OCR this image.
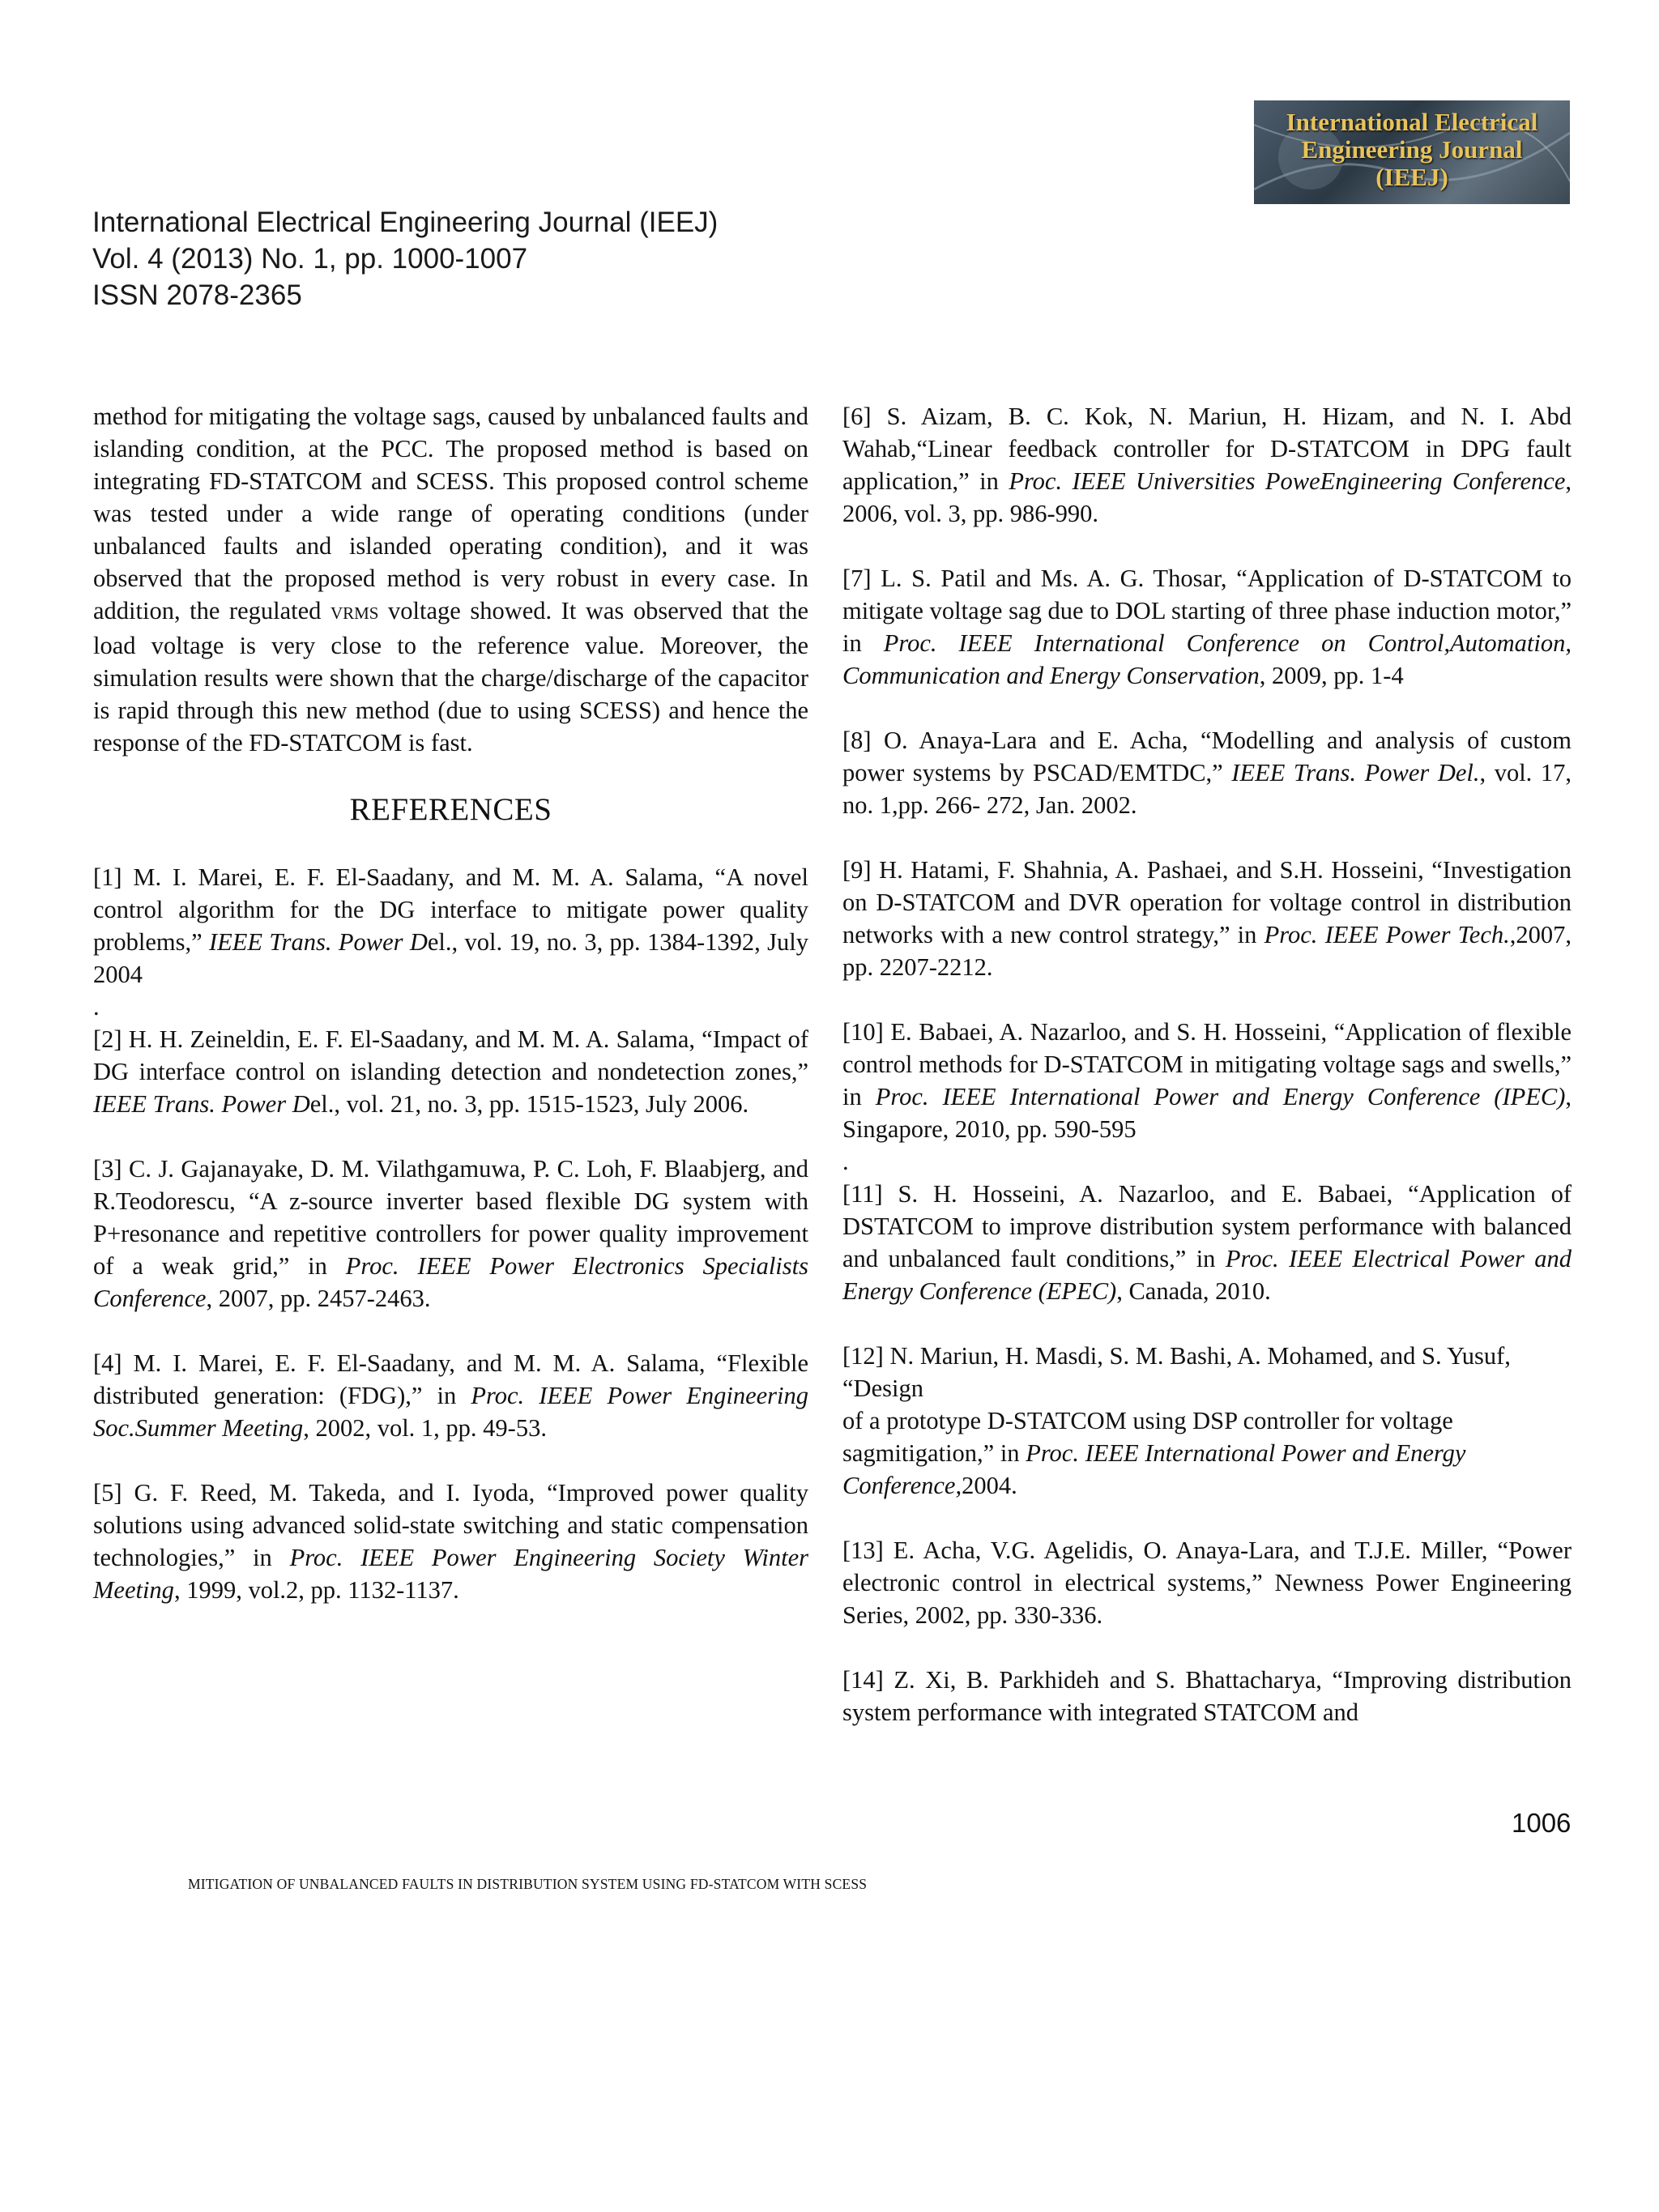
International Electrical Engineering Journal (IEEJ)
Vol. 4 (2013) No. 1, pp. 1000-1007
ISSN 2078-2365
International Electrical
Engineering Journal
(IEEJ)

method for mitigating the voltage sags, caused by unbalanced faults and islanding condition, at the PCC. The proposed method is based on integrating FD-STATCOM and SCESS. This proposed control scheme was tested under a wide range of operating conditions (under unbalanced faults and islanded operating condition), and it was observed that the proposed method is very robust in every case. In addition, the regulated VRMS voltage showed. It was observed that the load voltage is very close to the reference value. Moreover, the simulation results were shown that the charge/discharge of the capacitor is rapid through this new method (due to using SCESS) and hence the response of the FD-STATCOM is fast.

REFERENCES

[1] M. I. Marei, E. F. El-Saadany, and M. M. A. Salama, “A novel control algorithm for the DG interface to mitigate power quality problems,” IEEE Trans. Power Del., vol. 19, no. 3, pp. 1384-1392, July 2004

.

[2] H. H. Zeineldin, E. F. El-Saadany, and M. M. A. Salama, “Impact of DG interface control on islanding detection and nondetection zones,” IEEE Trans. Power Del., vol. 21, no. 3, pp. 1515-1523, July 2006.

[3] C. J. Gajanayake, D. M. Vilathgamuwa, P. C. Loh, F. Blaabjerg, and R.Teodorescu, “A z-source inverter based flexible DG system with P+resonance and repetitive controllers for power quality improvement of a weak grid,” in Proc. IEEE Power Electronics Specialists Conference, 2007, pp. 2457-2463.

[4] M. I. Marei, E. F. El-Saadany, and M. M. A. Salama, “Flexible distributed generation: (FDG),” in Proc. IEEE Power Engineering Soc.Summer Meeting, 2002, vol. 1, pp. 49-53.

[5] G. F. Reed, M. Takeda, and I. Iyoda, “Improved power quality solutions using advanced solid-state switching and static compensation technologies,” in Proc. IEEE Power Engineering Society Winter Meeting, 1999, vol.2, pp. 1132-1137.

[6] S. Aizam, B. C. Kok, N. Mariun, H. Hizam, and N. I. Abd Wahab,“Linear feedback controller for D-STATCOM in DPG fault application,” in Proc. IEEE Universities PoweEngineering Conference, 2006, vol. 3, pp. 986-990.

[7] L. S. Patil and Ms. A. G. Thosar, “Application of D-STATCOM to mitigate voltage sag due to DOL starting of three phase induction motor,” in Proc. IEEE International Conference on Control,Automation, Communication and Energy Conservation, 2009, pp. 1-4

[8] O. Anaya-Lara and E. Acha, “Modelling and analysis of custom power systems by PSCAD/EMTDC,” IEEE Trans. Power Del., vol. 17, no. 1,pp. 266- 272, Jan. 2002.

[9] H. Hatami, F. Shahnia, A. Pashaei, and S.H. Hosseini, “Investigation on D-STATCOM and DVR operation for voltage control in distribution networks with a new control strategy,” in Proc. IEEE Power Tech.,2007, pp. 2207-2212.

[10] E. Babaei, A. Nazarloo, and S. H. Hosseini, “Application of flexible control methods for D-STATCOM in mitigating voltage sags and swells,” in Proc. IEEE International Power and Energy Conference (IPEC), Singapore, 2010, pp. 590-595

.

[11] S. H. Hosseini, A. Nazarloo, and E. Babaei, “Application of DSTATCOM to improve distribution system performance with balanced and unbalanced fault conditions,” in Proc. IEEE Electrical Power and Energy Conference (EPEC), Canada, 2010.

[12] N. Mariun, H. Masdi, S. M. Bashi, A. Mohamed, and S. Yusuf, “Design
of a prototype D-STATCOM using DSP controller for voltage sagmitigation,” in Proc. IEEE International Power and Energy Conference,2004.

[13] E. Acha, V.G. Agelidis, O. Anaya-Lara, and T.J.E. Miller, “Power electronic control in electrical systems,” Newness Power Engineering Series, 2002, pp. 330-336.

[14] Z. Xi, B. Parkhideh and S. Bhattacharya, “Improving distribution system performance with integrated STATCOM and

1006
MITIGATION OF UNBALANCED FAULTS IN DISTRIBUTION SYSTEM USING FD-STATCOM WITH SCESS
